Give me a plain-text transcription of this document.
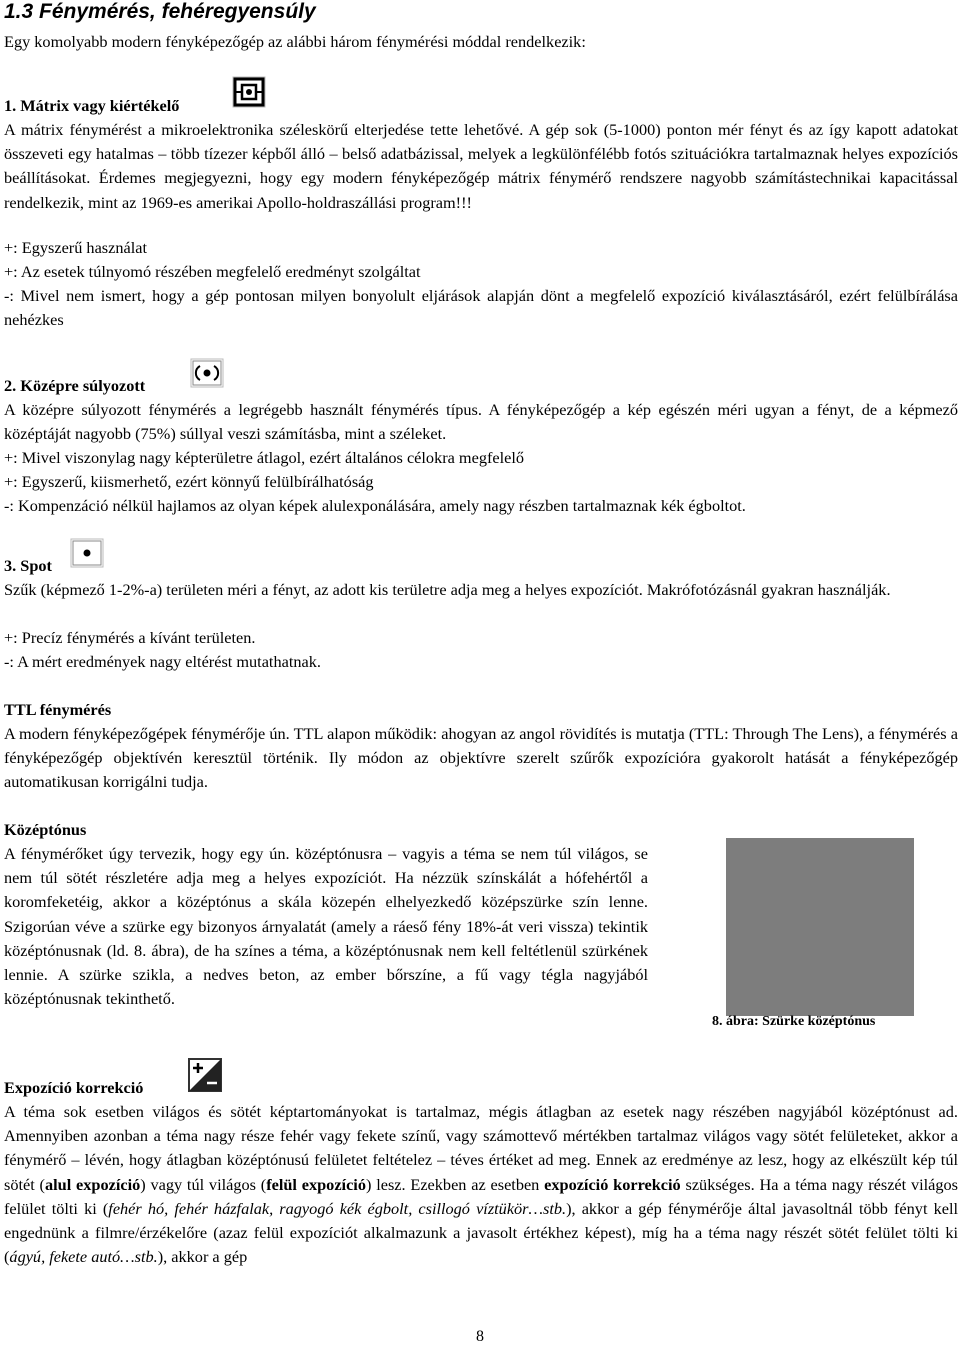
1.3 Fénymérés, fehéregyensúly

Egy komolyabb modern fényképezőgép az alábbi három fénymérési móddal rendelkezik:

1. Mátrix vagy kiértékelő

A mátrix fénymérést a mikroelektronika széleskörű elterjedése tette lehetővé. A gép sok (5-1000) ponton mér fényt és az így kapott adatokat összeveti egy hatalmas – több tízezer képből álló – belső adatbázissal, melyek a legkülönfélébb fotós szituációkra tartalmaznak helyes expozíciós beállításokat. Érdemes megjegyezni, hogy egy modern fényképezőgép mátrix fénymérő rendszere nagyobb számítástechnikai kapacitással rendelkezik, mint az 1969-es amerikai Apollo-holdraszállási program!!!

+: Egyszerű használat

+: Az esetek túlnyomó részében megfelelő eredményt szolgáltat

-: Mivel nem ismert, hogy a gép pontosan milyen bonyolult eljárások alapján dönt a megfelelő expozíció kiválasztásáról, ezért felülbírálása nehézkes

2. Középre súlyozott

A középre súlyozott fénymérés a legrégebb használt fénymérés típus. A fényképezőgép a kép egészén méri ugyan a fényt, de a képmező középtáját nagyobb (75%) súllyal veszi számításba, mint a széleket.

+: Mivel viszonylag nagy képterületre átlagol, ezért általános célokra megfelelő

+: Egyszerű, kiismerhető, ezért könnyű felülbírálhatóság

-: Kompenzáció nélkül hajlamos az olyan képek alulexponálására, amely nagy részben tartalmaznak kék égboltot.

3. Spot

Szűk (képmező 1-2%-a) területen méri a fényt, az adott kis területre adja meg a helyes expozíciót. Makrófotózásnál gyakran használják.

+: Precíz fénymérés a kívánt területen.

-: A mért eredmények nagy eltérést mutathatnak.

TTL fénymérés

A modern fényképezőgépek fénymérője ún. TTL alapon működik: ahogyan az angol rövidítés is mutatja (TTL: Through The Lens), a fénymérés a fényképezőgép objektívén keresztül történik. Ily módon az objektívre szerelt szűrők expozícióra gyakorolt hatását a fényképezőgép automatikusan korrigálni tudja.

Középtónus

A fénymérőket úgy tervezik, hogy egy ún. középtónusra – vagyis a téma se nem túl világos, se nem túl sötét részletére adja meg a helyes expozíciót. Ha nézzük színskálát a hófehértől a koromfeketéig, akkor a középtónus a skála közepén elhelyezkedő középszürke szín lenne. Szigorúan véve a szürke egy bizonyos árnyalatát (amely a ráeső fény 18%-át veri vissza) tekintik középtónusnak (ld. 8. ábra), de ha színes a téma, a középtónusnak nem kell feltétlenül szürkének lennie. A szürke szikla, a nedves beton, az ember bőrszíne, a fű vagy tégla nagyjából középtónusnak tekinthető.

8. ábra: Szürke középtónus

Expozíció korrekció

A téma sok esetben világos és sötét képtartományokat is tartalmaz, mégis átlagban az esetek nagy részében nagyjából középtónust ad. Amennyiben azonban a téma nagy része fehér vagy fekete színű, vagy számottevő mértékben tartalmaz világos vagy sötét felületeket, akkor a fénymérő – lévén, hogy átlagban középtónusú felületet feltételez – téves értéket ad meg. Ennek az eredménye az lesz, hogy az elkészült kép túl sötét (alul expozíció) vagy túl világos (felül expozíció) lesz. Ezekben az esetben expozíció korrekció szükséges. Ha a téma nagy részét világos felület tölti ki (fehér hó, fehér házfalak, ragyogó kék égbolt, csillogó víztükör…stb.), akkor a gép fénymérője által javasoltnál több fényt kell engednünk a filmre/érzékelőre (azaz felül expozíciót alkalmazunk a javasolt értékhez képest), míg ha a téma nagy részét sötét felület tölti ki (ágyú, fekete autó…stb.), akkor a gép

8
